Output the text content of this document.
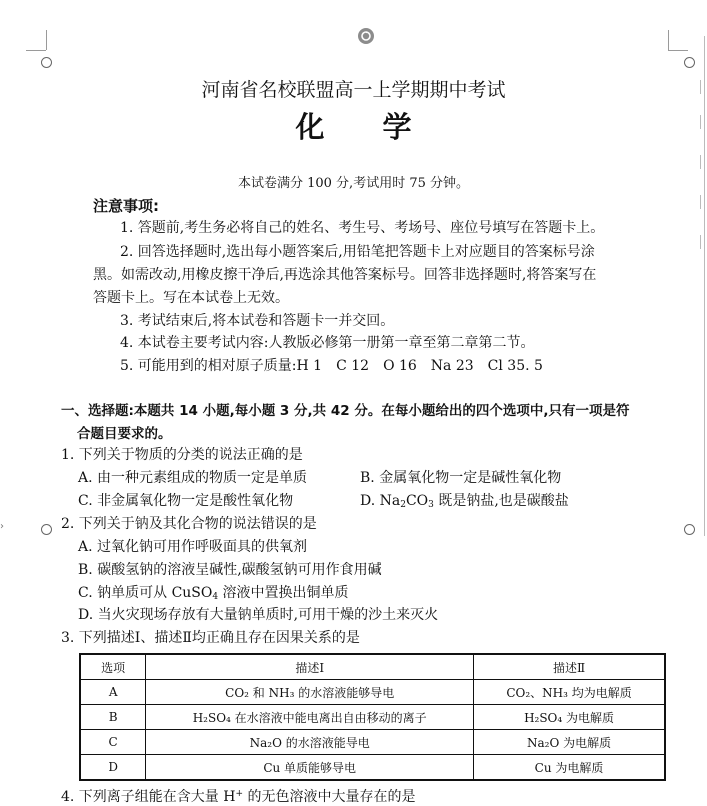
›
河南省名校联盟高一上学期期中考试
化　　学
本试卷满分 100 分,考试用时 75 分钟。
注意事项:
1. 答题前,考生务必将自己的姓名、考生号、考场号、座位号填写在答题卡上。
2. 回答选择题时,选出每小题答案后,用铅笔把答题卡上对应题目的答案标号涂
黑。如需改动,用橡皮擦干净后,再选涂其他答案标号。回答非选择题时,将答案写在
答题卡上。写在本试卷上无效。
3. 考试结束后,将本试卷和答题卡一并交回。
4. 本试卷主要考试内容:人教版必修第一册第一章至第二章第二节。
5. 可能用到的相对原子质量:H 1　C 12　O 16　Na 23　Cl 35. 5
一、选择题:本题共 14 小题,每小题 3 分,共 42 分。在每小题给出的四个选项中,只有一项是符
合题目要求的。
1. 下列关于物质的分类的说法正确的是
A. 由一种元素组成的物质一定是单质	B. 金属氧化物一定是碱性氧化物
C. 非金属氧化物一定是酸性氧化物	D. $Na_2CO_3$ 既是钠盐,也是碳酸盐
2. 下列关于钠及其化合物的说法错误的是
A. 过氧化钠可用作呼吸面具的供氧剂
B. 碳酸氢钠的溶液呈碱性,碳酸氢钠可用作食用碱
C. 钠单质可从 CuSO$_4$ 溶液中置换出铜单质
D. 当火灾现场存放有大量钠单质时,可用干燥的沙土来灭火
3. 下列描述Ⅰ、描述Ⅱ均正确且存在因果关系的是
选项	描述Ⅰ	描述Ⅱ
A	CO₂ 和 NH₃ 的水溶液能够导电	CO₂、NH₃ 均为电解质
B	H₂SO₄ 在水溶液中能电离出自由移动的离子	H₂SO₄ 为电解质
C	Na₂O 的水溶液能导电	Na₂O 为电解质
D	Cu 单质能够导电	Cu 为电解质
4. 下列离子组能在含大量 H+ 的无色溶液中大量存在的是
